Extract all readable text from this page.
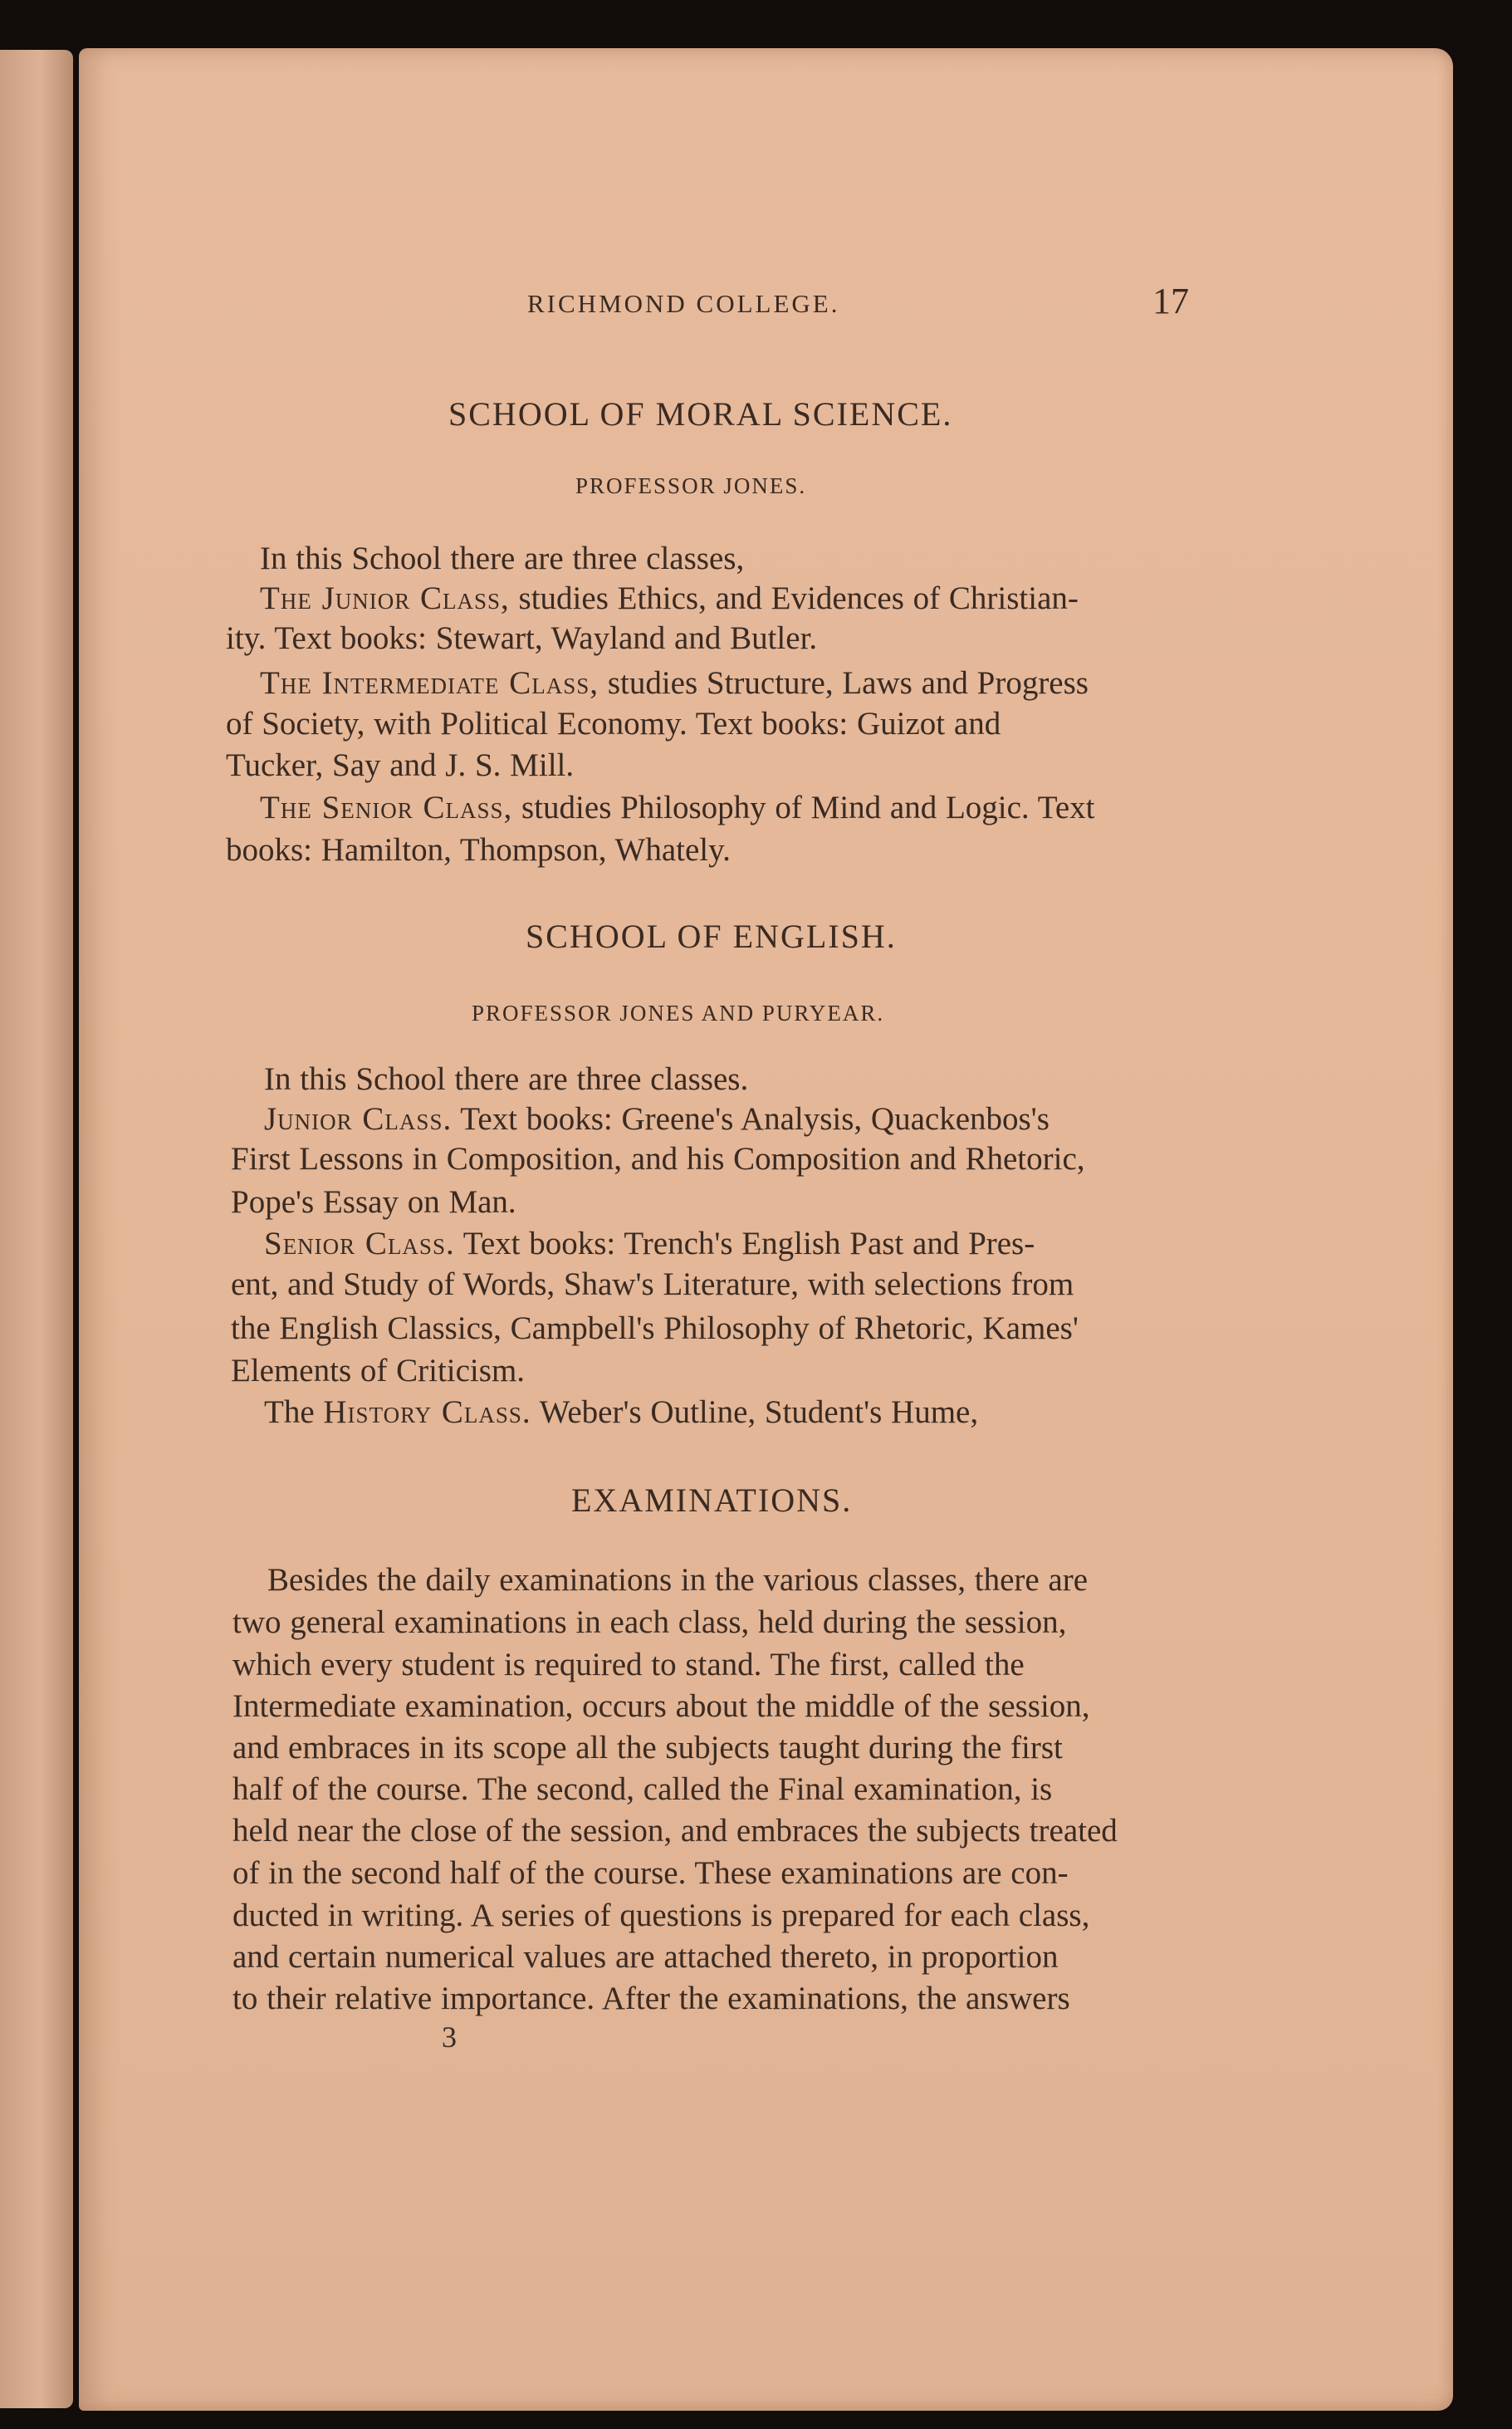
RICHMOND COLLEGE.	17
SCHOOL OF MORAL SCIENCE.
PROFESSOR JONES.
In this School there are three classes,
The Junior Class, studies Ethics, and Evidences of Christian-
ity. Text books: Stewart, Wayland and Butler.
The Intermediate Class, studies Structure, Laws and Progress
of Society, with Political Economy. Text books: Guizot and
Tucker, Say and J. S. Mill.
The Senior Class, studies Philosophy of Mind and Logic. Text
books: Hamilton, Thompson, Whately.
SCHOOL OF ENGLISH.
PROFESSOR JONES AND PURYEAR.
In this School there are three classes.
Junior Class. Text books: Greene's Analysis, Quackenbos's
First Lessons in Composition, and his Composition and Rhetoric,
Pope's Essay on Man.
Senior Class. Text books: Trench's English Past and Pres-
ent, and Study of Words, Shaw's Literature, with selections from
the English Classics, Campbell's Philosophy of Rhetoric, Kames'
Elements of Criticism.
The History Class. Weber's Outline, Student's Hume,
EXAMINATIONS.
Besides the daily examinations in the various classes, there are
two general examinations in each class, held during the session,
which every student is required to stand. The first, called the
Intermediate examination, occurs about the middle of the session,
and embraces in its scope all the subjects taught during the first
half of the course. The second, called the Final examination, is
held near the close of the session, and embraces the subjects treated
of in the second half of the course. These examinations are con-
ducted in writing. A series of questions is prepared for each class,
and certain numerical values are attached thereto, in proportion
to their relative importance. After the examinations, the answers
3
